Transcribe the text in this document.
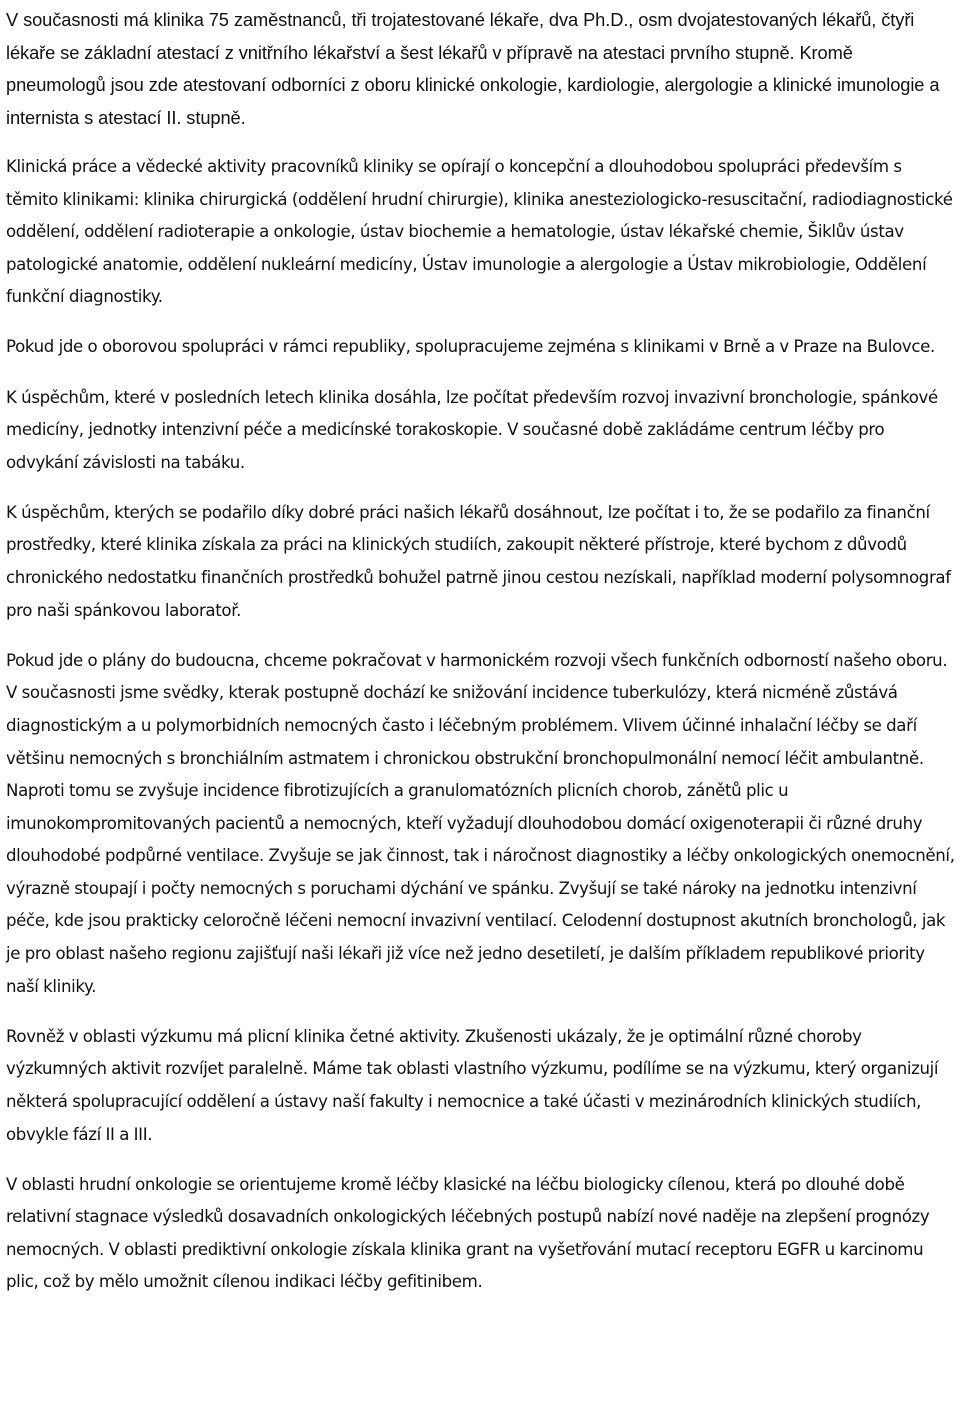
V současnosti má klinika 75 zaměstnanců, tři trojatestované lékaře, dva Ph.D., osm dvojatestovaných lékařů, čtyři lékaře se základní atestací z vnitřního lékařství a šest lékařů v přípravě na atestaci prvního stupně. Kromě pneumologů jsou zde atestovaní odborníci z oboru klinické onkologie, kardiologie, alergologie a klinické imunologie a internista s atestací II. stupně.

Klinická práce a vědecké aktivity pracovníků kliniky se opírají o koncepční a dlouhodobou spolupráci především s těmito klinikami: klinika chirurgická (oddělení hrudní chirurgie), klinika anesteziologicko-resuscitační, radiodiagnostické oddělení, oddělení radioterapie a onkologie, ústav biochemie a hematologie, ústav lékařské chemie, Šiklův ústav patologické anatomie, oddělení nukleární medicíny, Ústav imunologie a alergologie a Ústav mikrobiologie, Oddělení funkční diagnostiky.

Pokud jde o oborovou spolupráci v rámci republiky, spolupracujeme zejména s klinikami v Brně a v Praze na Bulovce.

K úspěchům, které v posledních letech klinika dosáhla, lze počítat především rozvoj invazivní bronchologie, spánkové medicíny, jednotky intenzivní péče a medicínské torakoskopie. V současné době zakládáme centrum léčby pro odvykání závislosti na tabáku.

K úspěchům, kterých se podařilo díky dobré práci našich lékařů dosáhnout, lze počítat i to, že se podařilo za finanční prostředky, které klinika získala za práci na klinických studiích, zakoupit některé přístroje, které bychom z důvodů chronického nedostatku finančních prostředků bohužel patrně jinou cestou nezískali, například moderní polysomnograf pro naši spánkovou laboratoř.

Pokud jde o plány do budoucna, chceme pokračovat v harmonickém rozvoji všech funkčních odborností našeho oboru. V současnosti jsme svědky, kterak postupně dochází ke snižování incidence tuberkulózy, která nicméně zůstává diagnostickým a u polymorbidních nemocných často i léčebným problémem. Vlivem účinné inhalační léčby se daří většinu nemocných s bronchiálním astmatem i chronickou obstrukční bronchopulmonální nemocí léčit ambulantně. Naproti tomu se zvyšuje incidence fibrotizujících a granulomatózních plicních chorob, zánětů plic u imunokompromitovaných pacientů a nemocných, kteří vyžadují dlouhodobou domácí oxigenoterapii či různé druhy dlouhodobé podpůrné ventilace. Zvyšuje se jak činnost, tak i náročnost diagnostiky a léčby onkologických onemocnění, výrazně stoupají i počty nemocných s poruchami dýchání ve spánku. Zvyšují se také nároky na jednotku intenzivní péče, kde jsou prakticky celoročně léčeni nemocní invazivní ventilací. Celodenní dostupnost akutních bronchologů, jak je pro oblast našeho regionu zajišťují naši lékaři již více než jedno desetiletí, je dalším příkladem republikové priority naší kliniky.

Rovněž v oblasti výzkumu má plicní klinika četné aktivity. Zkušenosti ukázaly, že je optimální různé choroby výzkumných aktivit rozvíjet paralelně. Máme tak oblasti vlastního výzkumu, podílíme se na výzkumu, který organizují některá spolupracující oddělení a ústavy naší fakulty i nemocnice a také účasti v mezinárodních klinických studiích, obvykle fází II a III.

V oblasti hrudní onkologie se orientujeme kromě léčby klasické na léčbu biologicky cílenou, která po dlouhé době relativní stagnace výsledků dosavadních onkologických léčebných postupů nabízí nové naděje na zlepšení prognózy nemocných. V oblasti prediktivní onkologie získala klinika grant na vyšetřování mutací receptoru EGFR u karcinomu plic, což by mělo umožnit cílenou indikaci léčby gefitinibem.
